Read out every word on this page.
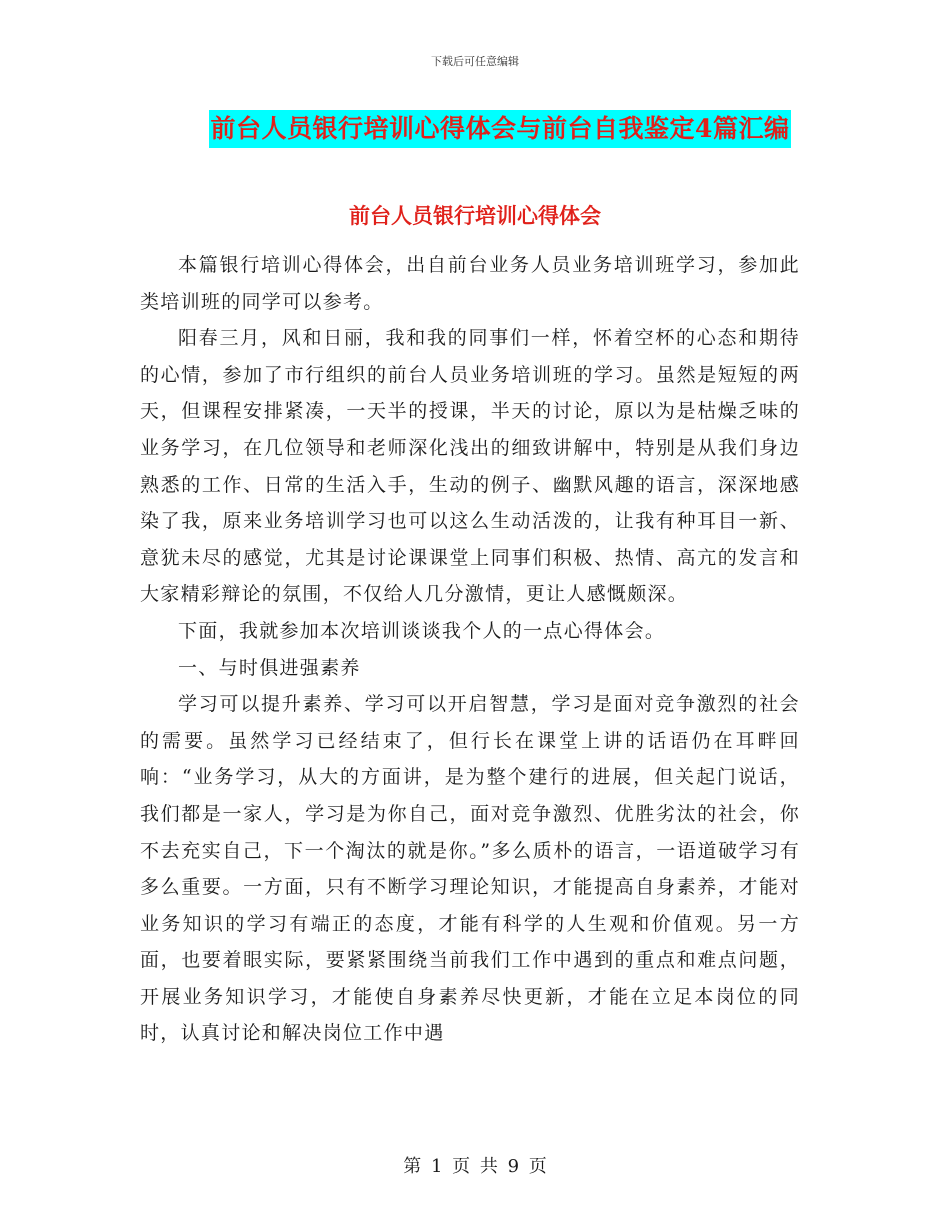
下载后可任意编辑
前台人员银行培训心得体会与前台自我鉴定4篇汇编
前台人员银行培训心得体会

本篇银行培训心得体会，出自前台业务人员业务培训班学习，参加此类培训班的同学可以参考。

阳春三月，风和日丽，我和我的同事们一样，怀着空杯的心态和期待的心情，参加了市行组织的前台人员业务培训班的学习。虽然是短短的两天，但课程安排紧凑，一天半的授课，半天的讨论，原以为是枯燥乏味的业务学习，在几位领导和老师深化浅出的细致讲解中，特别是从我们身边熟悉的工作、日常的生活入手，生动的例子、幽默风趣的语言，深深地感染了我，原来业务培训学习也可以这么生动活泼的，让我有种耳目一新、意犹未尽的感觉，尤其是讨论课课堂上同事们积极、热情、高亢的发言和大家精彩辩论的氛围，不仅给人几分激情，更让人感慨颇深。

下面，我就参加本次培训谈谈我个人的一点心得体会。

一、与时俱进强素养

学习可以提升素养、学习可以开启智慧，学习是面对竞争激烈的社会的需要。虽然学习已经结束了，但行长在课堂上讲的话语仍在耳畔回响：“业务学习，从大的方面讲，是为整个建行的进展，但关起门说话，我们都是一家人，学习是为你自己，面对竞争激烈、优胜劣汰的社会，你不去充实自己，下一个淘汰的就是你。”多么质朴的语言，一语道破学习有多么重要。一方面，只有不断学习理论知识，才能提高自身素养，才能对业务知识的学习有端正的态度，才能有科学的人生观和价值观。另一方面，也要着眼实际，要紧紧围绕当前我们工作中遇到的重点和难点问题，开展业务知识学习，才能使自身素养尽快更新，才能在立足本岗位的同时，认真讨论和解决岗位工作中遇

第 1 页 共 9 页
